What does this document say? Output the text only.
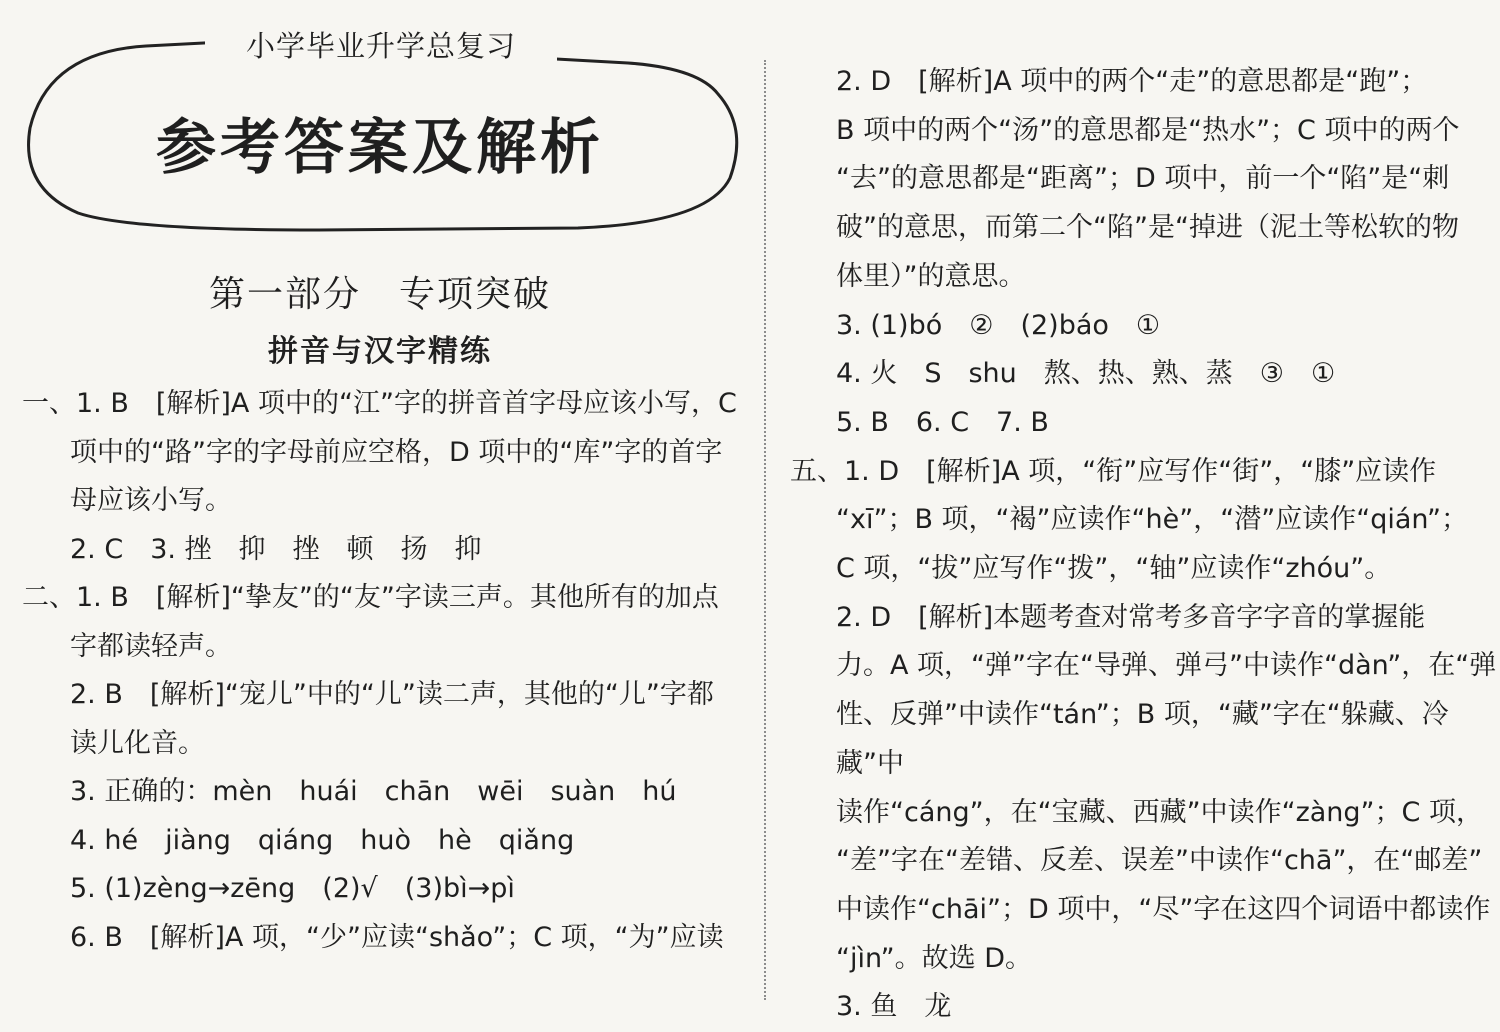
小学毕业升学总复习
参考答案及解析
第一部分　专项突破
拼音与汉字精练

一、1. B　[解析]A 项中的“江”字的拼音首字母应该小写，C 项中的“路”字的字母前应空格，D 项中的“库”字的首字母应该小写。

2. C　3. 挫　抑　挫　顿　扬　抑

二、1. B　[解析]“挚友”的“友”字读三声。其他所有的加点字都读轻声。

2. B　[解析]“宠儿”中的“儿”读二声，其他的“儿”字都读儿化音。

3. 正确的：mèn　huái　chān　wēi　suàn　hú

4. hé　jiàng　qiáng　huò　hè　qiǎng

5. (1)zèng→zēng　(2)√　(3)bì→pì

6. B　[解析]A 项，“少”应读“shǎo”；C 项，“为”应读

2. D　[解析]A 项中的两个“走”的意思都是“跑”；

B 项中的两个“汤”的意思都是“热水”；C 项中的两个

“去”的意思都是“距离”；D 项中，前一个“陷”是“刺

破”的意思，而第二个“陷”是“掉进（泥土等松软的物

体里）”的意思。

3. (1)bó　②　(2)báo　①

4. 火　S　shu　熬、热、熟、蒸　③　①

5. B　6. C　7. B

五、1. D　[解析]A 项，“衔”应写作“街”，“膝”应读作

“xī”；B 项，“褐”应读作“hè”，“潜”应读作“qián”；

C 项，“拔”应写作“拨”，“轴”应读作“zhóu”。

2. D　[解析]本题考查对常考多音字字音的掌握能

力。A 项，“弹”字在“导弹、弹弓”中读作“dàn”，在“弹

性、反弹”中读作“tán”；B 项，“藏”字在“躲藏、冷藏”中

读作“cáng”，在“宝藏、西藏”中读作“zàng”；C 项，

“差”字在“差错、反差、误差”中读作“chā”，在“邮差”

中读作“chāi”；D 项中，“尽”字在这四个词语中都读作

“jìn”。故选 D。

3. 鱼　龙
